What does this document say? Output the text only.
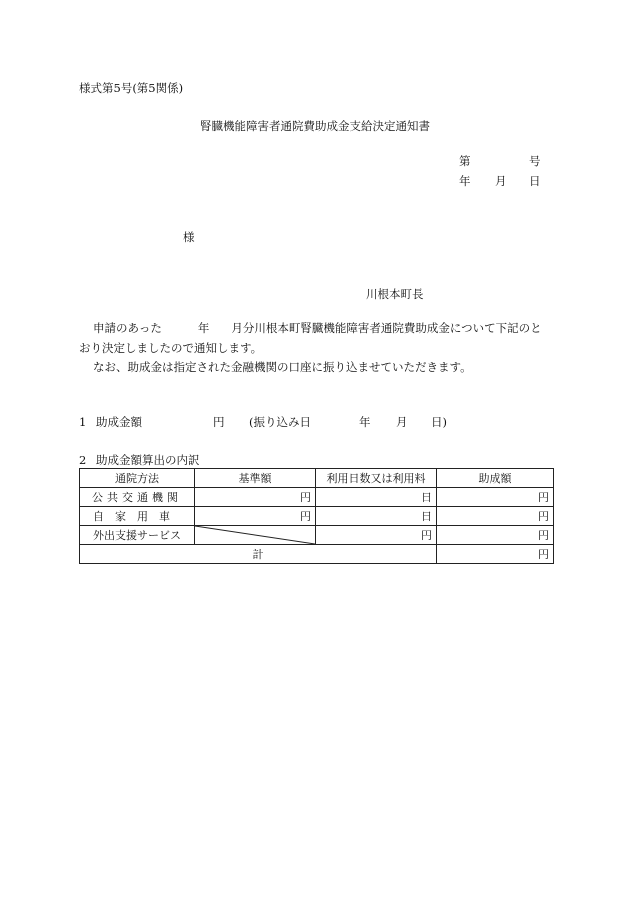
様式第5号(第5関係)
腎臓機能障害者通院費助成金支給決定通知書
第	号
年 月 日
様
川根本町長
申請のあった	年 月分川根本町腎臓機能障害者通院費助成金について下記のと
おり決定しましたので通知します。
なお、助成金は指定された金融機関の口座に振り込ませていただきます。
1 助成金額	円 (振り込み日	年 月 日)
2 助成金額算出の内訳
通院方法	基準額	利用日数又は利用料	助成額
公共交通機関	円	日	円
自家用車	円	日	円
外出支援サービス		円	円
計			円
